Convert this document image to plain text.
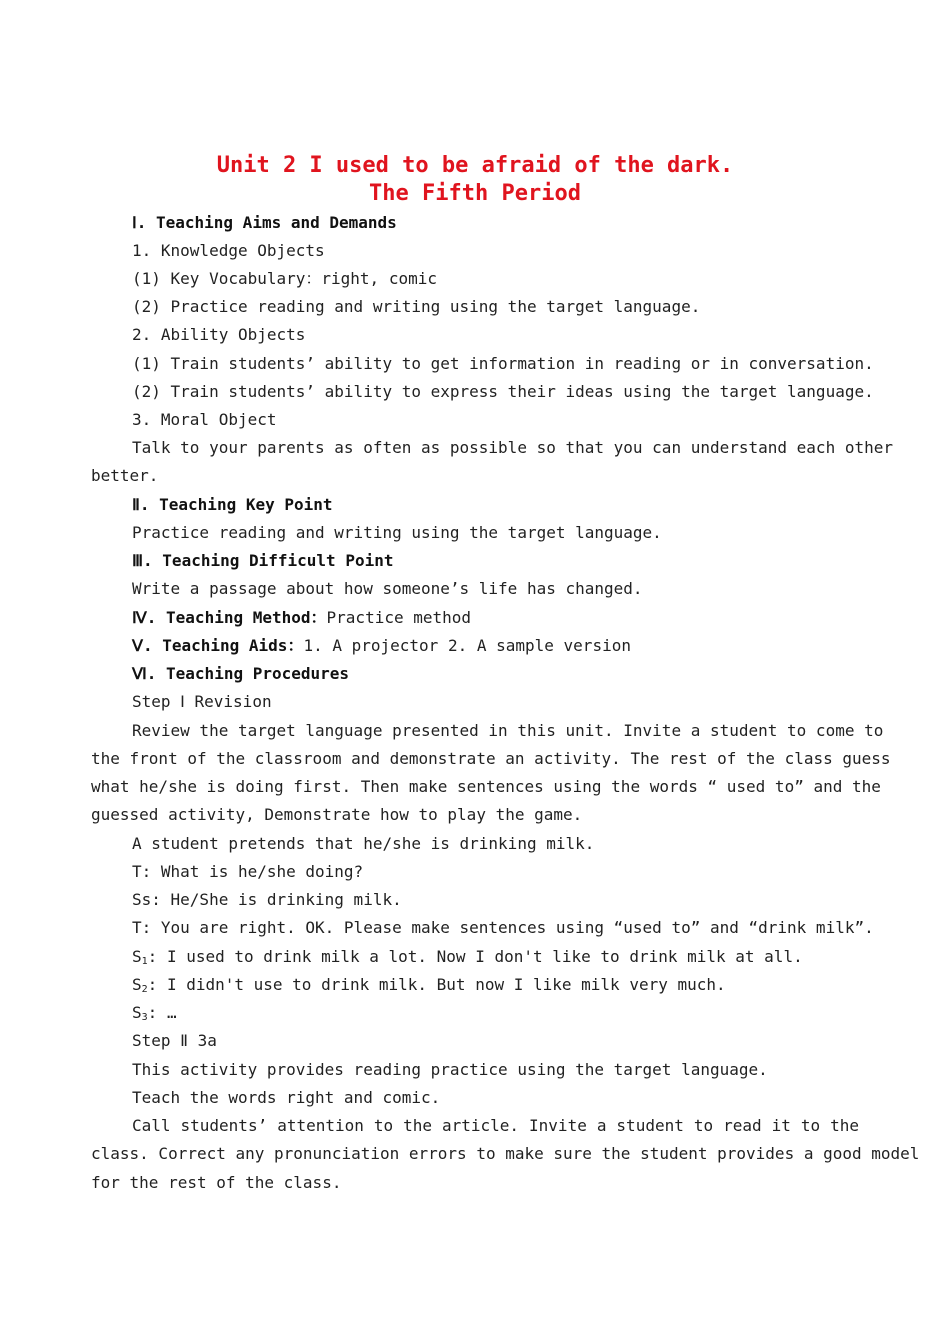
Unit 2 I used to be afraid of the dark.
The Fifth Period
Ⅰ. Teaching Aims and Demands
1. Knowledge Objects
(1) Key Vocabulary：right, comic
(2) Practice reading and writing using the target language.
2. Ability Objects
(1) Train students’ ability to get information in reading or in conversation.
(2) Train students’ ability to express their ideas using the target language.
3. Moral Object
Talk to your parents as often as possible so that you can understand each other
better.
Ⅱ. Teaching Key Point
Practice reading and writing using the target language.
Ⅲ. Teaching Difficult Point
Write a passage about how someone’s life has changed.
Ⅳ. Teaching Method：Practice method
Ⅴ. Teaching Aids：1. A projector 2. A sample version
Ⅵ. Teaching Procedures
Step Ⅰ Revision
Review the target language presented in this unit. Invite a student to come to
the front of the classroom and demonstrate an activity. The rest of the class guess
what he/she is doing first. Then make sentences using the words “ used to” and the
guessed activity, Demonstrate how to play the game.
A student pretends that he/she is drinking milk.
T: What is he/she doing?
Ss: He/She is drinking milk.
T: You are right. OK. Please make sentences using “used to” and “drink milk”.
$S_1$: I used to drink milk a lot. Now I don't like to drink milk at all.
$S_2$: I didn't use to drink milk. But now I like milk very much.
$S_3$: …
Step Ⅱ 3a
This activity provides reading practice using the target language.
Teach the words right and comic.
Call students’ attention to the article. Invite a student to read it to the
class. Correct any pronunciation errors to make sure the student provides a good model
for the rest of the class.
